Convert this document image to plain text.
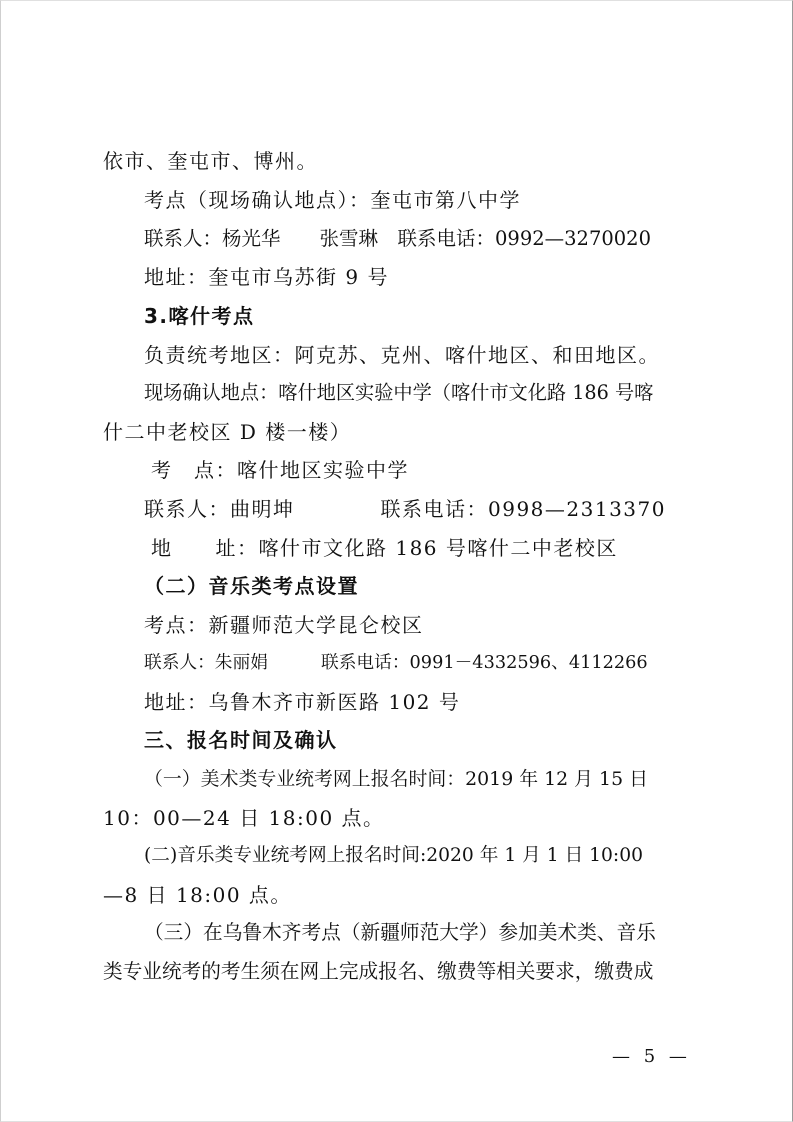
依市、奎屯市、博州。
考点（现场确认地点）：奎屯市第八中学
联系人：杨光华　　张雪琳　联系电话：0992—3270020
地址：奎屯市乌苏街 9 号
3.喀什考点
负责统考地区：阿克苏、克州、喀什地区、和田地区。
现场确认地点：喀什地区实验中学（喀什市文化路 186 号喀
什二中老校区 D 楼一楼）
考　点：喀什地区实验中学
联系人：曲明坤　　　　联系电话：0998—2313370
地　　址：喀什市文化路 186 号喀什二中老校区
（二）音乐类考点设置
考点：新疆师范大学昆仑校区
联系人：朱丽娟　　　联系电话：0991－4332596、4112266
地址：乌鲁木齐市新医路 102 号
三、报名时间及确认
（一）美术类专业统考网上报名时间：2019 年 12 月 15 日
10：00—24 日 18:00 点。
(二)音乐类专业统考网上报名时间:2020 年 1 月 1 日 10:00
—8 日 18:00 点。
（三）在乌鲁木齐考点（新疆师范大学）参加美术类、音乐
类专业统考的考生须在网上完成报名、缴费等相关要求，缴费成
— 5 —
